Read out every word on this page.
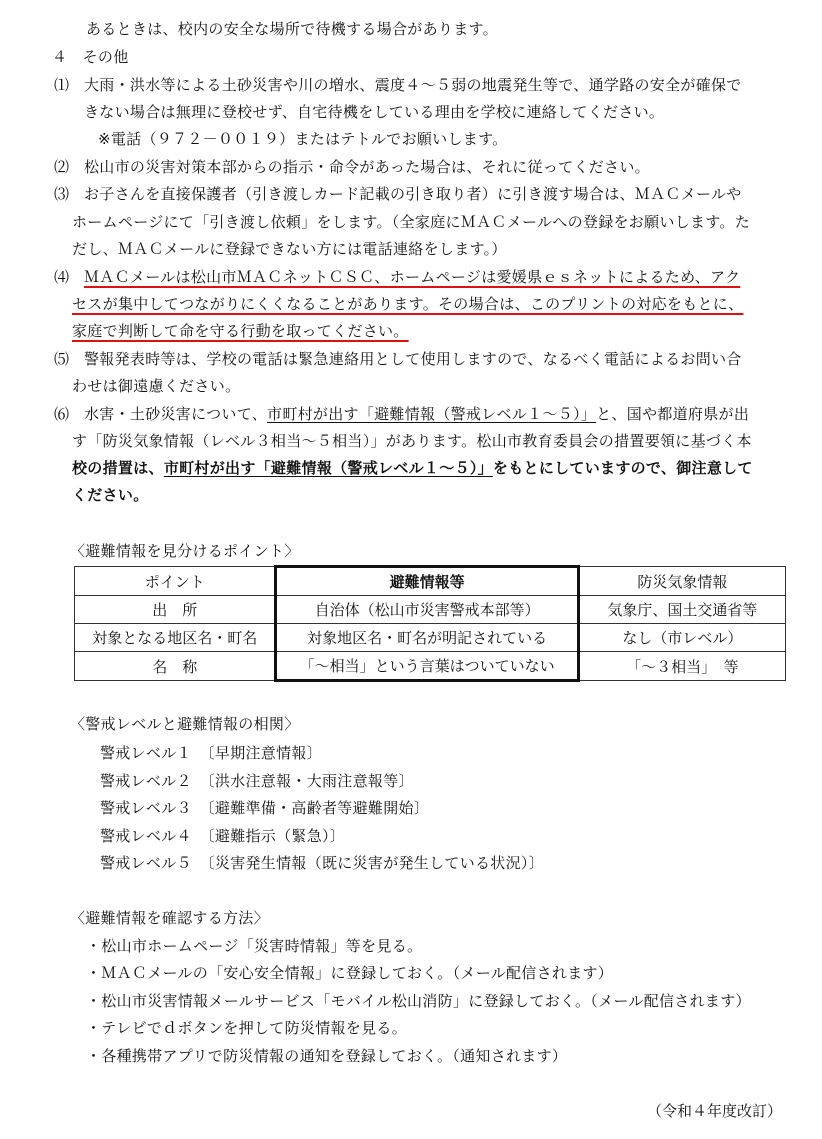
あるときは、校内の安全な場所で待機する場合があります。
４　その他
⑴ 大雨・洪水等による土砂災害や川の増水、震度４～５弱の地震発生等で、通学路の安全が確保で
きない場合は無理に登校せず、自宅待機をしている理由を学校に連絡してください。
※電話（９７２－００１９）またはテトルでお願いします。
⑵ 松山市の災害対策本部からの指示・命令があった場合は、それに従ってください。
⑶ お子さんを直接保護者（引き渡しカード記載の引き取り者）に引き渡す場合は、ＭＡＣメールや
ホームページにて「引き渡し依頼」をします。（全家庭にＭＡＣメールへの登録をお願いします。た
だし、ＭＡＣメールに登録できない方には電話連絡をします。）
⑷ ＭＡＣメールは松山市ＭＡＣネットＣＳＣ、ホームページは愛媛県ｅｓネットによるため、アク
セスが集中してつながりにくくなることがあります。その場合は、このプリントの対応をもとに、
家庭で判断して命を守る行動を取ってください。
⑸ 警報発表時等は、学校の電話は緊急連絡用として使用しますので、なるべく電話によるお問い合
わせは御遠慮ください。
⑹ 水害・土砂災害について、市町村が出す「避難情報（警戒レベル１～５）」と、国や都道府県が出
す「防災気象情報（レベル３相当～５相当）」があります。松山市教育委員会の措置要領に基づく本
校の措置は、市町村が出す「避難情報（警戒レベル１～５）」をもとにしていますので、御注意して
ください。
〈避難情報を見分けるポイント〉
ポイント	避難情報等	防災気象情報
出　所	自治体（松山市災害警戒本部等）	気象庁、国土交通省等
対象となる地区名・町名	対象地区名・町名が明記されている	なし（市レベル）
名　称	「～相当」という言葉はついていない	「～３相当」　等
〈警戒レベルと避難情報の相関〉
警戒レベル１　〔早期注意情報〕
警戒レベル２　〔洪水注意報・大雨注意報等〕
警戒レベル３　〔避難準備・高齢者等避難開始〕
警戒レベル４　〔避難指示（緊急）〕
警戒レベル５　〔災害発生情報（既に災害が発生している状況）〕
〈避難情報を確認する方法〉
・松山市ホームページ「災害時情報」等を見る。
・ＭＡＣメールの「安心安全情報」に登録しておく。（メール配信されます）
・松山市災害情報メールサービス「モバイル松山消防」に登録しておく。（メール配信されます）
・テレビでｄボタンを押して防災情報を見る。
・各種携帯アプリで防災情報の通知を登録しておく。（通知されます）
（令和４年度改訂）
